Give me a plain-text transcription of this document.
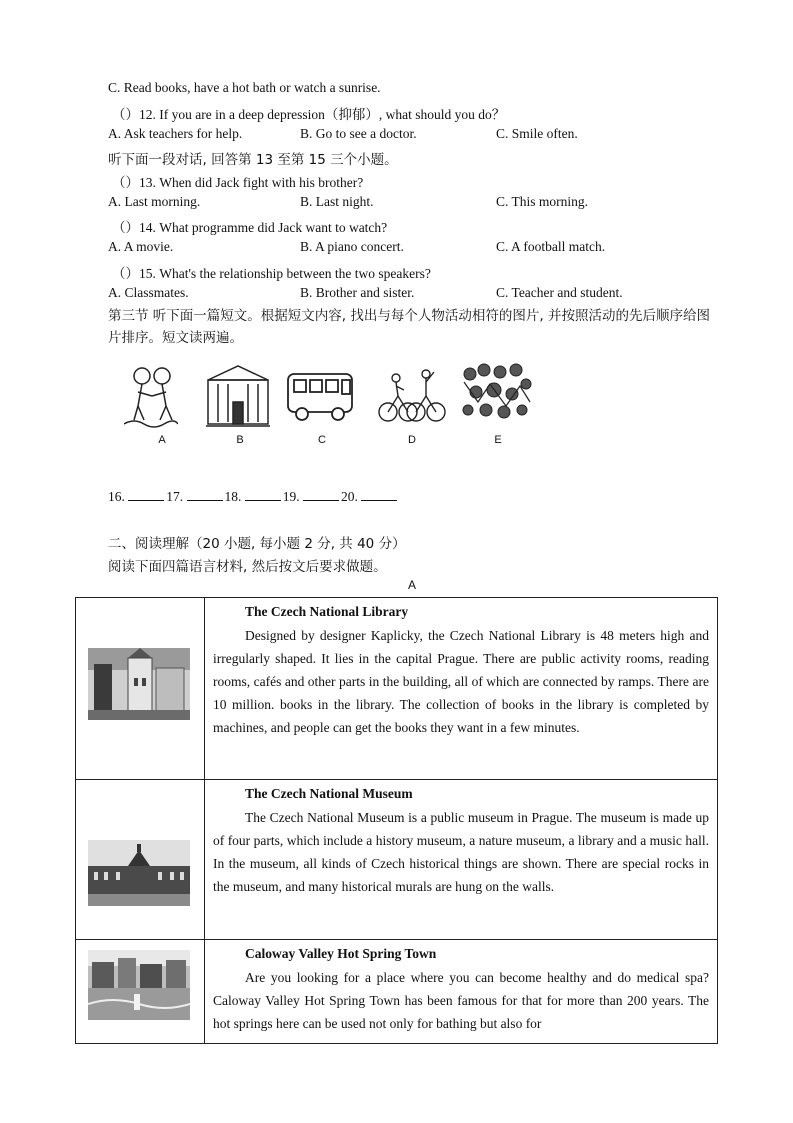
C. Read books, have a hot bath or watch a sunrise.
（）12. If you are in a deep depression（抑郁）, what should you do？
A. Ask teachers for help.	B. Go to see a doctor.	C. Smile often.
听下面一段对话, 回答第 13 至第 15 三个小题。
（）13. When did Jack fight with his brother?
A. Last morning.	B. Last night.	C. This morning.
（）14. What programme did Jack want to watch?
A. A movie.	B. A piano concert.	C. A football match.
（）15. What's the relationship between the two speakers?
A. Classmates.	B. Brother and sister.	C. Teacher and student.
第三节 听下面一篇短文。根据短文内容, 找出与每个人物活动相符的图片, 并按照活动的先后顺序给图片排序。短文读两遍。
A	B	C	D	E
16.	17.	18.	19.	20.
二、阅读理解（20 小题, 每小题 2 分, 共 40 分）
阅读下面四篇语言材料, 然后按文后要求做题。
A

The Czech National Library
Designed by designer Kaplicky, the Czech National Library is 48 meters high and irregularly shaped. It lies in the capital Prague. There are public activity rooms, reading rooms, cafés and other parts in the building, all of which are connected by ramps. There are 10 million. books in the library. The collection of books in the library is completed by machines, and people can get the books they want in a few minutes.

The Czech National Museum
The Czech National Museum is a public museum in Prague. The museum is made up of four parts, which include a history museum, a nature museum, a library and a music hall. In the museum, all kinds of Czech historical things are shown. There are special rocks in the museum, and many historical murals are hung on the walls.

Caloway Valley Hot Spring Town
Are you looking for a place where you can become healthy and do medical spa? Caloway Valley Hot Spring Town has been famous for that for more than 200 years. The hot springs here can be used not only for bathing but also for
